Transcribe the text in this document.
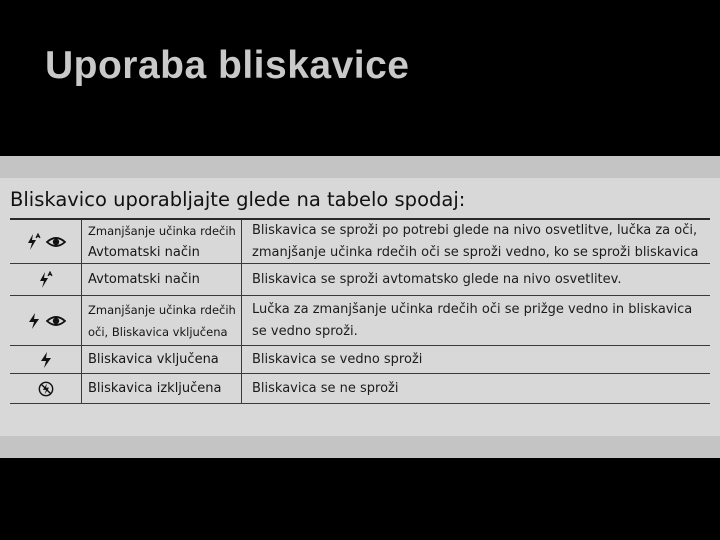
Uporaba bliskavice
Bliskavico uporabljajte glede na tabelo spodaj:
Zmanjšanje učinka rdečih
Avtomatski način
Bliskavica se sproži po potrebi glede na nivo osvetlitve, lučka za oči,
zmanjšanje učinka rdečih oči se sproži vedno, ko se sproži bliskavica
Avtomatski način	Bliskavica se sproži avtomatsko glede na nivo osvetlitev.
Zmanjšanje učinka rdečih
oči, Bliskavica vključena
Lučka za zmanjšanje učinka rdečih oči se prižge vedno in bliskavica
se vedno sproži.
Bliskavica vključena	Bliskavica se vedno sproži
Bliskavica izključena Bliskavica se ne sproži
